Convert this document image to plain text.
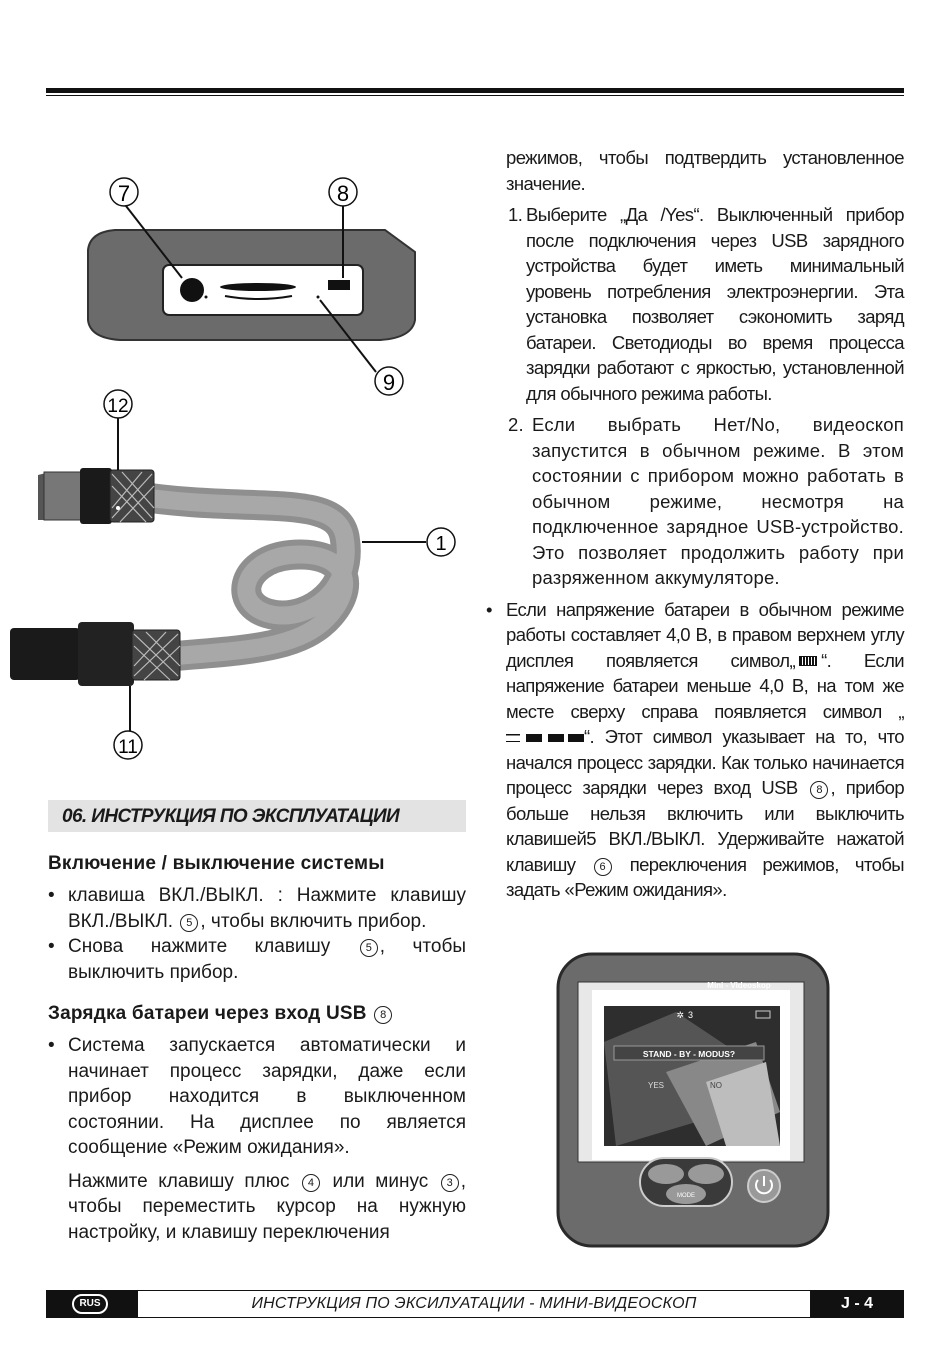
7	8
9
12
11
1

режимов, чтобы подтвердить установленное значение.

1. Выберите „Да /Yes“. Выключенный прибор после подключения через USB зарядного устройства будет иметь минимальный уровень потребления электроэнергии. Эта установка позволяет сэкономить заряд батареи. Светодиоды во время процесса зарядки работают с яркостью, установленной для обычного режима работы.
2. Если выбрать Нет/No, видеоскоп запустится в обычном режиме. В этом состоянии с прибором можно работать в обычном режиме, несмотря на подключенное зарядное USB-устройство. Это позволяет продолжить работу при разряженном аккумуляторе.
• Если напряжение батареи в обычном режиме работы составляет 4,0 В, в правом верхнем углу дисплея появляется символ„ “. Если напряжение батареи меньше 4,0 В, на том же месте сверху справа появляется символ „“. Этот символ указывает на то, что начался процесс зарядки. Как только начинается процесс зарядки через вход USB 8 , прибор больше нельзя включить или выключить клавишей5 ВКЛ./ВЫКЛ. Удерживайте нажатой клавишу 6 переключения режимов, чтобы задать «Режим ожидания».
06. ИНСТРУКЦИЯ ПО ЭКСПЛУАТАЦИИ
Включение / выключение системы
• клавиша ВКЛ./ВЫКЛ. : Нажмите клавишу ВКЛ./ВЫКЛ. 5 , чтобы включить прибор.
• Снова нажмите клавишу	5 , чтобы выключить прибор.
Зарядка батареи через вход USB 8
• Система запускается автоматически и начинает процесс зарядки, даже если прибор находится в выключенном состоянии. На дисплее по является сообщение «Режим ожидания».

Нажмите клавишу плюс 4 или минус 3 , чтобы переместить курсор на нужную настройку, и клавишу переключения

Mini - Videoskop
✲ 3
STAND - BY - MODUS?
YES	NO
MODE
RUS	ИНСТРУКЦИЯ ПО ЭКСИЛУАТАЦИИ - МИНИ-ВИДЕОСКОП	J - 4
